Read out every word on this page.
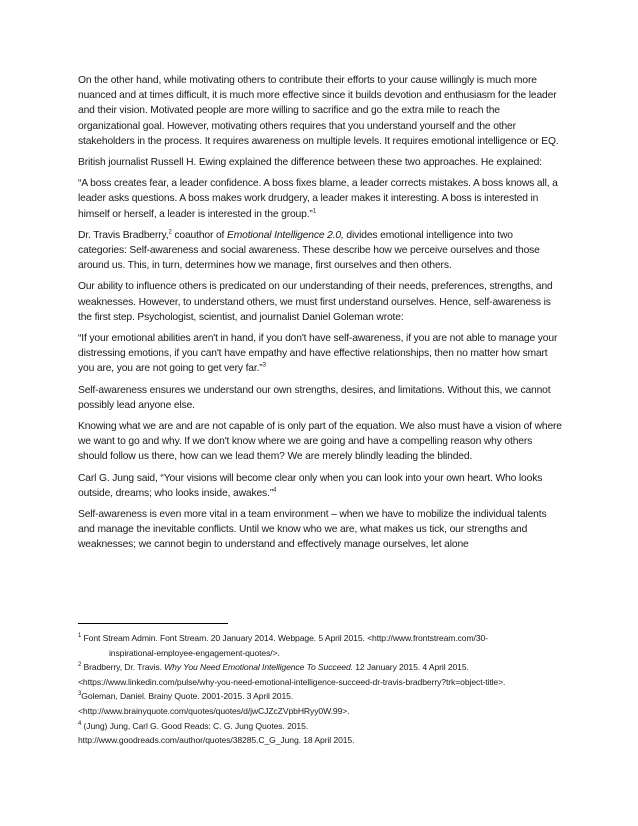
On the other hand, while motivating others to contribute their efforts to your cause willingly is much more nuanced and at times difficult, it is much more effective since it builds devotion and enthusiasm for the leader and their vision. Motivated people are more willing to sacrifice and go the extra mile to reach the organizational goal. However, motivating others requires that you understand yourself and the other stakeholders in the process. It requires awareness on multiple levels. It requires emotional intelligence or EQ.

British journalist Russell H. Ewing explained the difference between these two approaches. He explained:

“A boss creates fear, a leader confidence. A boss fixes blame, a leader corrects mistakes. A boss knows all, a leader asks questions. A boss makes work drudgery, a leader makes it interesting. A boss is interested in himself or herself, a leader is interested in the group.”$^1$

Dr. Travis Bradberry,$^2$ coauthor of Emotional Intelligence 2.0, divides emotional intelligence into two categories: Self-awareness and social awareness. These describe how we perceive ourselves and those around us. This, in turn, determines how we manage, first ourselves and then others.

Our ability to influence others is predicated on our understanding of their needs, preferences, strengths, and weaknesses. However, to understand others, we must first understand ourselves. Hence, self-awareness is the first step. Psychologist, scientist, and journalist Daniel Goleman wrote:

“If your emotional abilities aren't in hand, if you don't have self-awareness, if you are not able to manage your distressing emotions, if you can't have empathy and have effective relationships, then no matter how smart you are, you are not going to get very far.”$^3$

Self-awareness ensures we understand our own strengths, desires, and limitations. Without this, we cannot possibly lead anyone else.

Knowing what we are and are not capable of is only part of the equation. We also must have a vision of where we want to go and why. If we don't know where we are going and have a compelling reason why others should follow us there, how can we lead them? We are merely blindly leading the blinded.

Carl G. Jung said, “Your visions will become clear only when you can look into your own heart. Who looks outside, dreams; who looks inside, awakes.”$^4$

Self-awareness is even more vital in a team environment – when we have to mobilize the individual talents and manage the inevitable conflicts. Until we know who we are, what makes us tick, our strengths and weaknesses; we cannot begin to understand and effectively manage ourselves, let alone

$^1$ Font Stream Admin. Font Stream. 20 January 2014. Webpage. 5 April 2015. <http://www.frontstream.com/30-

inspirational-employee-engagement-quotes/>.

$^2$ Bradberry, Dr. Travis. Why You Need Emotional Intelligence To Succeed. 12 January 2015. 4 April 2015.

<https://www.linkedin.com/pulse/why-you-need-emotional-intelligence-succeed-dr-travis-bradberry?trk=object-title>.

$^3$Goleman, Daniel. Brainy Quote. 2001-2015. 3 April 2015.

<http://www.brainyquote.com/quotes/quotes/d/jwCJZcZVpbHRyy0W.99>.

$^4$ (Jung) Jung, Carl G. Good Reads: C. G. Jung Quotes. 2015.

http://www.goodreads.com/author/quotes/38285.C_G_Jung. 18 April 2015.
